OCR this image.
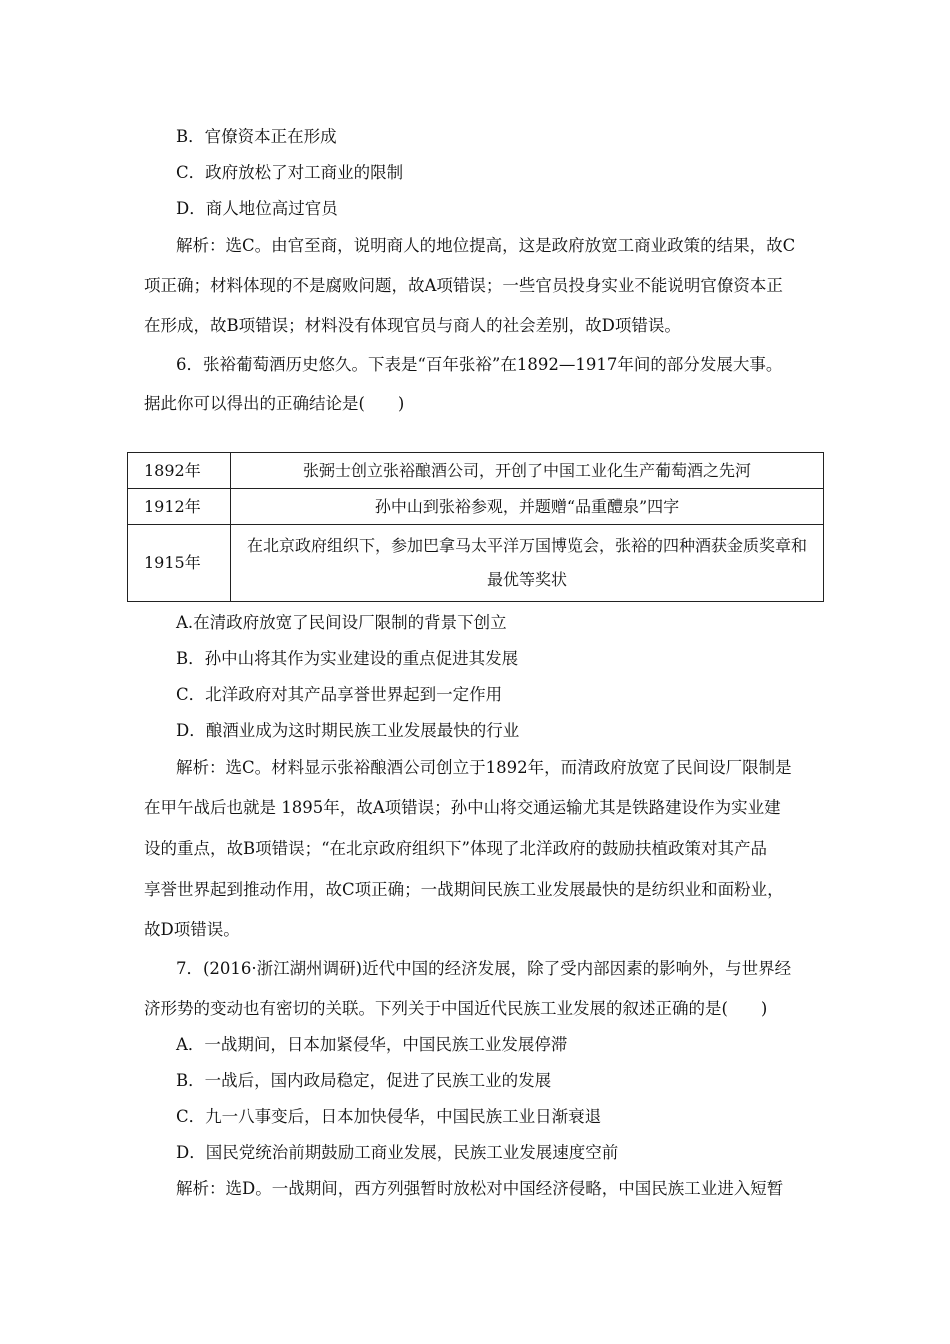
B．官僚资本正在形成
C．政府放松了对工商业的限制
D．商人地位高过官员
解析：选C。由官至商，说明商人的地位提高，这是政府放宽工商业政策的结果，故C
项正确；材料体现的不是腐败问题，故A项错误；一些官员投身实业不能说明官僚资本正
在形成，故B项错误；材料没有体现官员与商人的社会差别，故D项错误。
6．张裕葡萄酒历史悠久。下表是“百年张裕”在1892—1917年间的部分发展大事。
据此你可以得出的正确结论是(　　)
1892年	张弼士创立张裕酿酒公司，开创了中国工业化生产葡萄酒之先河

1912年	孙中山到张裕参观，并题赠“品重醴泉”四字

1915年	在北京政府组织下，参加巴拿马太平洋万国博览会，张裕的四种酒获金质奖章和
最优等奖状
A.在清政府放宽了民间设厂限制的背景下创立
B．孙中山将其作为实业建设的重点促进其发展
C．北洋政府对其产品享誉世界起到一定作用
D．酿酒业成为这时期民族工业发展最快的行业
解析：选C。材料显示张裕酿酒公司创立于1892年，而清政府放宽了民间设厂限制是
在甲午战后也就是 1895年，故A项错误；孙中山将交通运输尤其是铁路建设作为实业建
设的重点，故B项错误；“在北京政府组织下”体现了北洋政府的鼓励扶植政策对其产品
享誉世界起到推动作用，故C项正确；一战期间民族工业发展最快的是纺织业和面粉业，
故D项错误。
7．(2016·浙江湖州调研)近代中国的经济发展，除了受内部因素的影响外，与世界经
济形势的变动也有密切的关联。下列关于中国近代民族工业发展的叙述正确的是(　　)
A．一战期间，日本加紧侵华，中国民族工业发展停滞
B．一战后，国内政局稳定，促进了民族工业的发展
C．九一八事变后，日本加快侵华，中国民族工业日渐衰退
D．国民党统治前期鼓励工商业发展，民族工业发展速度空前
解析：选D。一战期间，西方列强暂时放松对中国经济侵略，中国民族工业进入短暂
